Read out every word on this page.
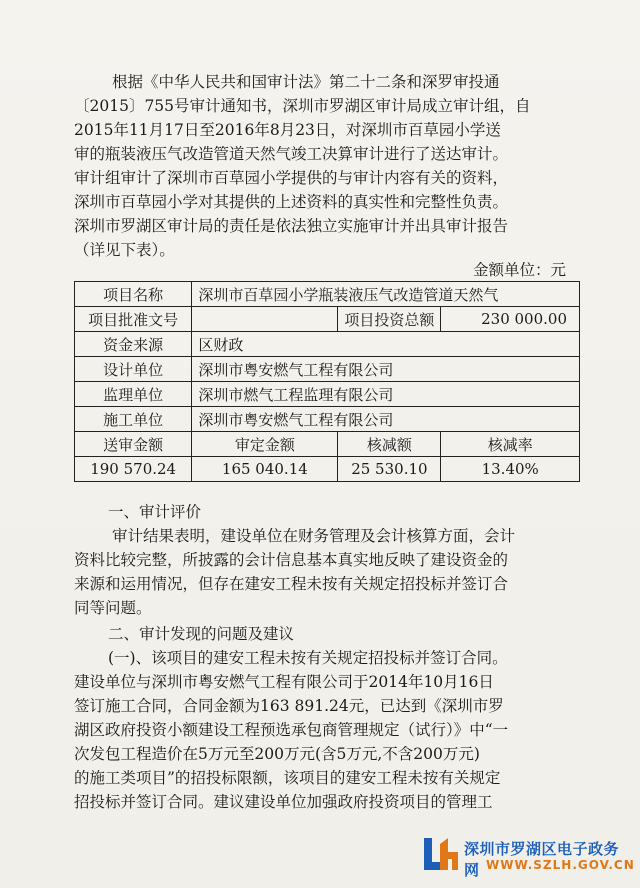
根据《中华人民共和国审计法》第二十二条和深罗审投通
〔2015〕755号审计通知书，深圳市罗湖区审计局成立审计组，自
2015年11月17日至2016年8月23日，对深圳市百草园小学送
审的瓶装液压气改造管道天然气竣工决算审计进行了送达审计。
审计组审计了深圳市百草园小学提供的与审计内容有关的资料，
深圳市百草园小学对其提供的上述资料的真实性和完整性负责。
深圳市罗湖区审计局的责任是依法独立实施审计并出具审计报告
（详见下表）。
金额单位：元
项目名称	深圳市百草园小学瓶装液压气改造管道天然气		
项目批准文号		项目投资总额	230 000.00
资金来源	区财政		
设计单位	深圳市粤安燃气工程有限公司		
监理单位	深圳市燃气工程监理有限公司		
施工单位	深圳市粤安燃气工程有限公司		
送审金额	审定金额	核减额	核减率
190 570.24	165 040.14	25 530.10	13.40%
一、审计评价
审计结果表明，建设单位在财务管理及会计核算方面，会计
资料比较完整，所披露的会计信息基本真实地反映了建设资金的
来源和运用情况，但存在建安工程未按有关规定招投标并签订合
同等问题。
二、审计发现的问题及建议
(一)、该项目的建安工程未按有关规定招投标并签订合同。
建设单位与深圳市粤安燃气工程有限公司于2014年10月16日
签订施工合同，合同金额为163 891.24元，已达到《深圳市罗
湖区政府投资小额建设工程预选承包商管理规定（试行）》中“一
次发包工程造价在5万元至200万元(含5万元,不含200万元)
的施工类项目”的招投标限额，该项目的建安工程未按有关规定
招投标并签订合同。建议建设单位加强政府投资项目的管理工
深圳市罗湖区电子政务网 WWW.SZLH.GOV.CN
